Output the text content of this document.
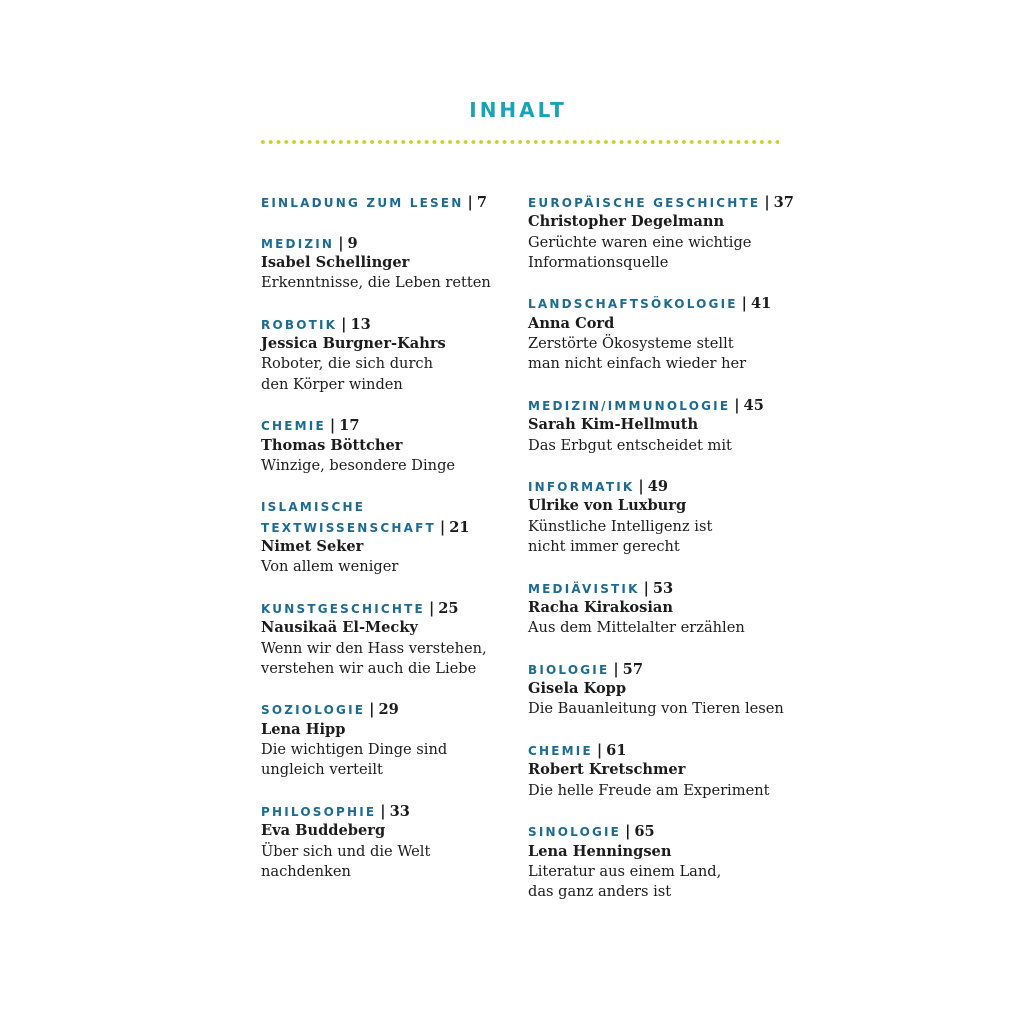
INHALT
EINLADUNG ZUM LESEN | 7
MEDIZIN | 9
Isabel Schellinger
Erkenntnisse, die Leben retten
ROBOTIK | 13
Jessica Burgner-Kahrs
Roboter, die sich durch
den Körper winden
CHEMIE | 17
Thomas Böttcher
Winzige, besondere Dinge
ISLAMISCHE
TEXTWISSENSCHAFT | 21
Nimet Seker
Von allem weniger
KUNSTGESCHICHTE | 25
Nausikaä El-Mecky
Wenn wir den Hass verstehen,
verstehen wir auch die Liebe
SOZIOLOGIE | 29
Lena Hipp
Die wichtigen Dinge sind
ungleich verteilt
PHILOSOPHIE | 33
Eva Buddeberg
Über sich und die Welt
nachdenken
EUROPÄISCHE GESCHICHTE | 37
Christopher Degelmann
Gerüchte waren eine wichtige
Informationsquelle
LANDSCHAFTSÖKOLOGIE | 41
Anna Cord
Zerstörte Ökosysteme stellt
man nicht einfach wieder her
MEDIZIN/IMMUNOLOGIE | 45
Sarah Kim-Hellmuth
Das Erbgut entscheidet mit
INFORMATIK | 49
Ulrike von Luxburg
Künstliche Intelligenz ist
nicht immer gerecht
MEDIÄVISTIK | 53
Racha Kirakosian
Aus dem Mittelalter erzählen
BIOLOGIE | 57
Gisela Kopp
Die Bauanleitung von Tieren lesen
CHEMIE | 61
Robert Kretschmer
Die helle Freude am Experiment
SINOLOGIE | 65
Lena Henningsen
Literatur aus einem Land,
das ganz anders ist
